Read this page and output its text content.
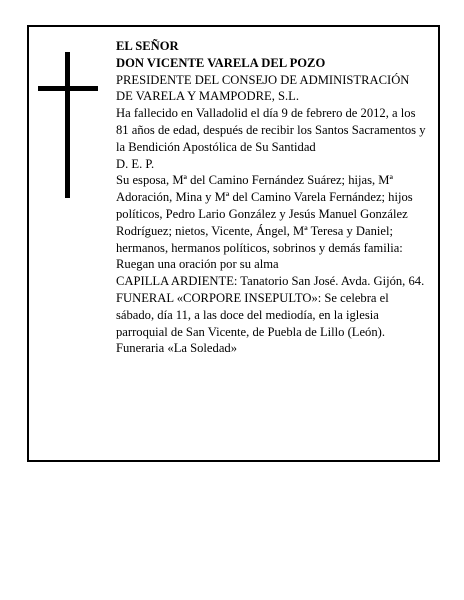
EL SEÑOR

DON VICENTE VARELA DEL POZO

PRESIDENTE DEL CONSEJO DE ADMINISTRACIÓN DE VARELA Y MAMPODRE, S.L.

Ha fallecido en Valladolid el día 9 de febrero de 2012, a los 81 años de edad, después de recibir los Santos Sacramentos y la Bendición Apostólica de Su Santidad

D. E. P.

Su esposa, Mª del Camino Fernández Suárez; hijas, Mª Adoración, Mina y Mª del Camino Varela Fernández; hijos políticos, Pedro Lario González y Jesús Manuel González Rodríguez; nietos, Vicente, Ángel, Mª Teresa y Daniel; hermanos, hermanos políticos, sobrinos y demás familia:

Ruegan una oración por su alma

CAPILLA ARDIENTE: Tanatorio San José. Avda. Gijón, 64.

FUNERAL «CORPORE INSEPULTO»: Se celebra el sábado, día 11, a las doce del mediodía, en la iglesia parroquial de San Vicente, de Puebla de Lillo (León).

Funeraria «La Soledad»
